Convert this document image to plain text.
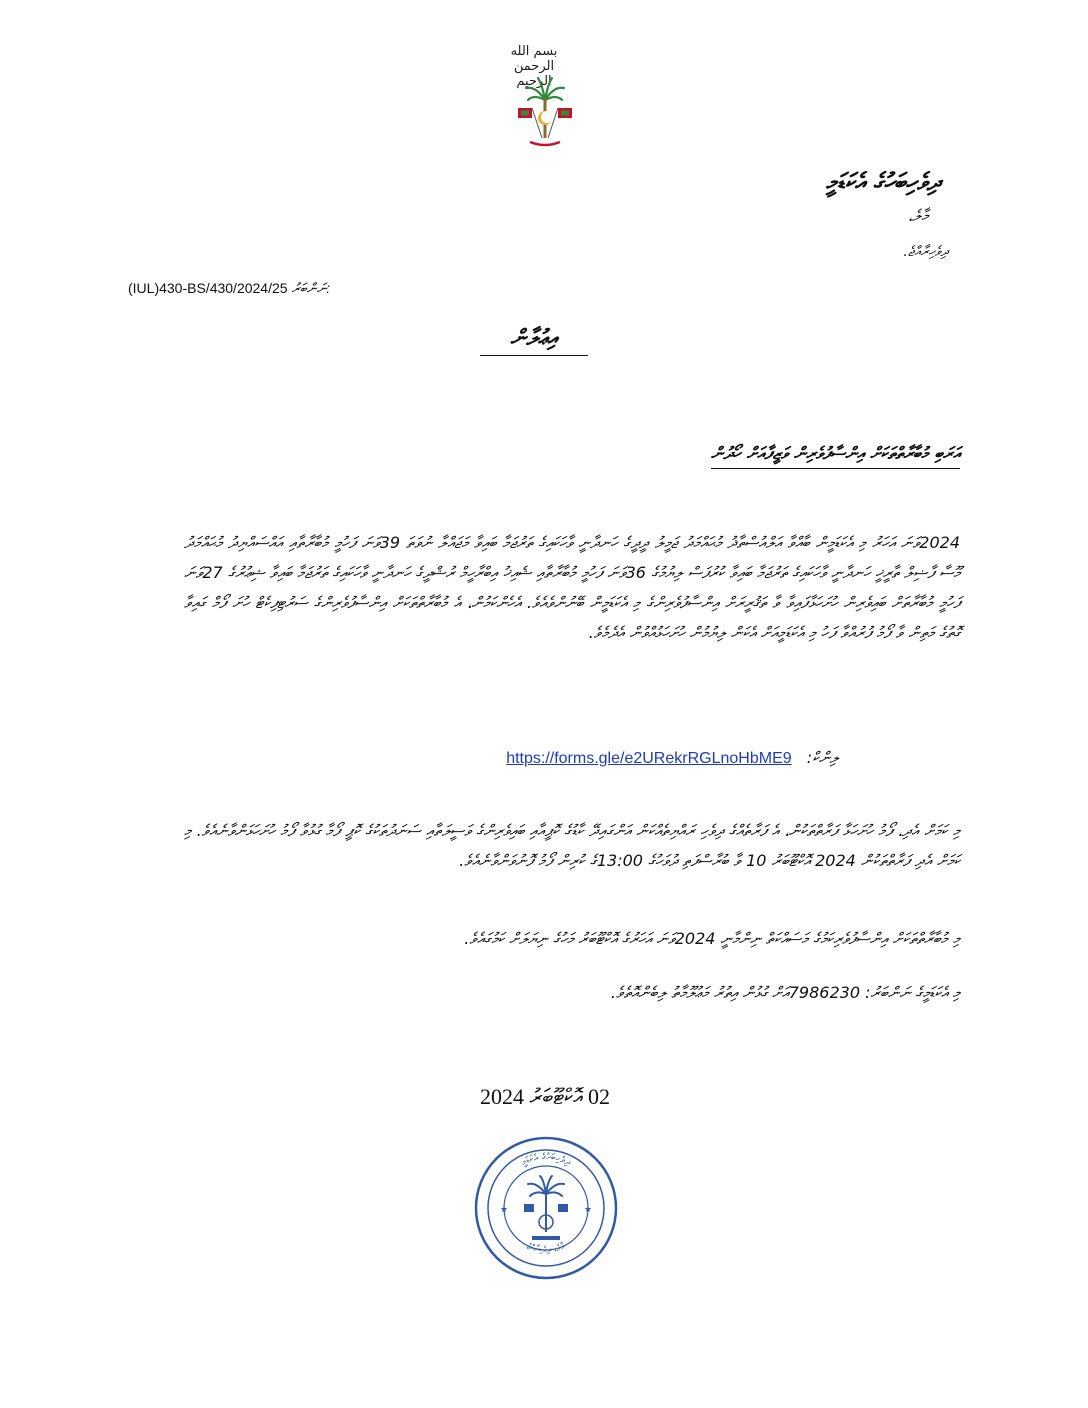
بسم الله الرحمن الرحيم
ދިވެހިބަހުގެ އެކަޑަމީ
މާލެ،
ދިވެހިރާއްޖެ.
(IUL)430-BS/430/2024/25 ނަންބަރު:
އިޢުލާން
އަރަބި މުބާރާތްތަކަށް އިންސާފުވެރިން ވަޒީފާއަށް ހޯދުން
2024ވަނަ އަހަރު މި އެކަޑަމީން ބާއްވާ އަލްއުސްތާޛު މުޙައްމަދު ޖަމީލު ދީދީގެ ހަނދާނީ ވާހަކައިގެ ތަރުޖަމާ ބައިވާ މަޖައްލާ ނުވަތަ 39ވަނަ ފަހުމީ މުބާރާތާއި އައްސައްޔިދު މުޙައްމަދު މޫސާ ފާޟިލް ތާރީޚީ ހަނދާނީ ވާހަކައިގެ ތަރުޖަމާ ބައިވާ ކުރުފަސް ލިޔުމުގެ 36ވަނަ ފަހުމީ މުބާރާތާއި ޝެއިޚު އިބްރާހީމް ރުޝްދީގެ ހަނދާނީ ވާހަކައިގެ ތަރުޖަމާ ބައިވާ ޝިޢުރުގެ 27ވަނަ ފަހުމީ މުބާރާތަށް ބައިވެރިން ހުށަހަޅާފައިވާ ވާ ތަޤުރީރަށް އިންސާފުވެރިންގެ މި އެކަޑަމީން ބޭނުންވެއެވެ. އެހެންކަމުން، އެ މުބާރާތްތަކަށް އިންސާފުވެރިންގެ ސަރުޓިފިކެޓް ހުށަ ފޯމް ގައިވާ ގޮތުގެ މަތިން ވާ ފޯމު ފުރުއްވާ ފަހު މި އެކަޑަމީއަށް އެކަން ލިޔުމުން ހުށަހަޅުއްވުން އެދެމެވެ.
ލިންކް: https://forms.gle/e2URekrRGLnoHbME9
މި ކަމަށް އެދި، ފޯމު ހުށަހަޅާ ފަރާތްތަކުން، އެ ފަރާތެއްގެ ދިވެހި ރައްޔިތެއްކަން އަންގައިދޭ ކާޑުގެ ކޮޕީއާއި ބައިވެރިންގެ ވަސީލަތާއި ސަނަދުތަކުގެ ކޮޕީ ފޯމާ ގުޅުވާ ފޯމު ހުށަހަޅަންވާނެއެވެ. މި ކަމަށް އެދި ފަރާތްތަކުން 2024 އޮކްޓޫބަރު 10 ވާ ބުރާސްފަތި ދުވަހުގެ 13:00ގެ ކުރިން ފޯމު ފޮނުވަންވާނެއެވެ.
މި މުބާރާތްތަކަށް އިންސާފުވެރިކަމުގެ މަސައްކަތް ނިންމާނީ 2024ވަނަ އަހަރުގެ އޮކްޓޫބަރު މަހުގެ ނިޔަލަށް ކަމުގައެވެ.
މި އެކަޑަމީގެ ނަންބަރު: 7986230އަށް ގުޅުން އިތުރު މަޢުލޫމާތު ލިބެންއޮތެވެ.
02 އޮކްޓޫބަރު 2024
ދިވެހިބަހުގެ އެކަޑަމީ
މާލެ، ދިވެހިރާއްޖެ
★	★
